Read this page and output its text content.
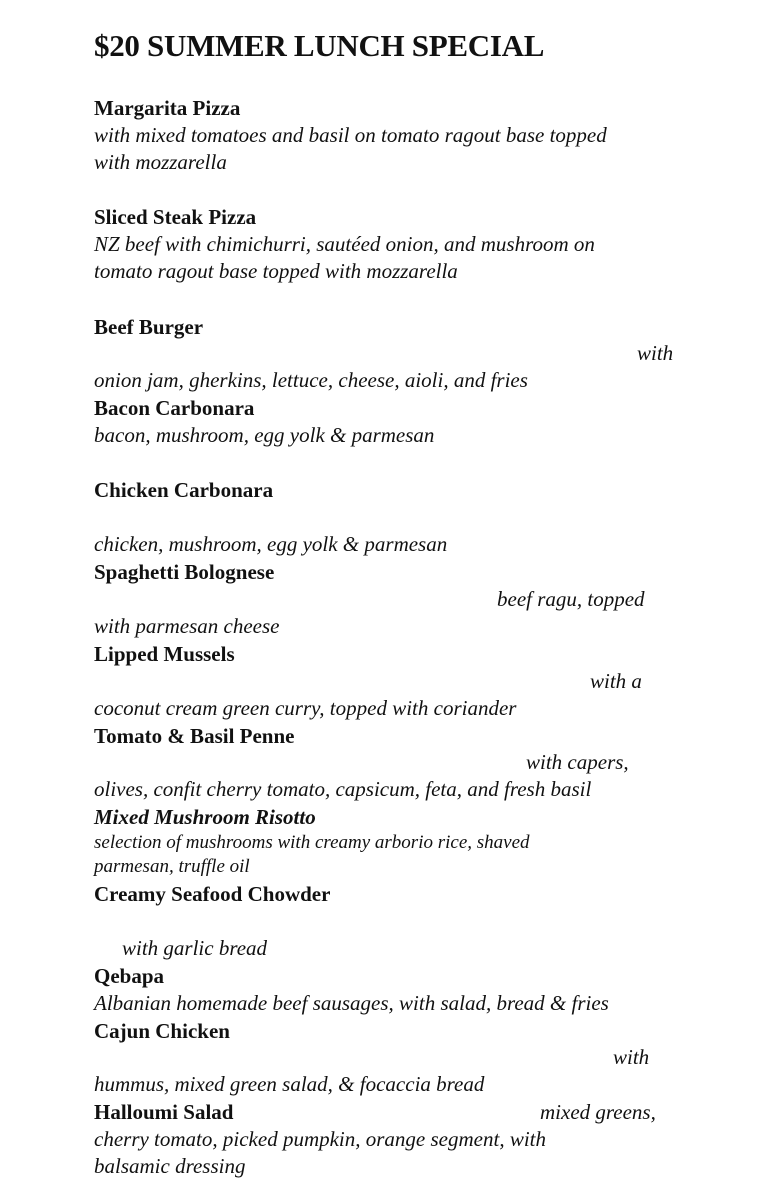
$20 SUMMER LUNCH SPECIAL
Margarita Pizza
with mixed tomatoes and basil on tomato ragout base topped
with mozzarella
Sliced Steak Pizza
NZ beef with chimichurri, sautéed onion, and mushroom on
tomato ragout base topped with mozzarella
Beef Burger
with
onion jam, gherkins, lettuce, cheese, aioli, and fries
Bacon Carbonara
bacon, mushroom, egg yolk & parmesan
Chicken Carbonara
chicken, mushroom, egg yolk & parmesan
Spaghetti Bolognese
beef ragu, topped
with parmesan cheese
Lipped Mussels
with a
coconut cream green curry, topped with coriander
Tomato & Basil Penne
with capers,
olives, confit cherry tomato, capsicum, feta, and fresh basil
Mixed Mushroom Risotto
selection of mushrooms with creamy arborio rice, shaved
parmesan, truffle oil
Creamy Seafood Chowder
with garlic bread
Qebapa
Albanian homemade beef sausages, with salad, bread & fries
Cajun Chicken
with
hummus, mixed green salad, & focaccia bread
Halloumi Salad	mixed greens,
cherry tomato, picked pumpkin, orange segment, with
balsamic dressing
